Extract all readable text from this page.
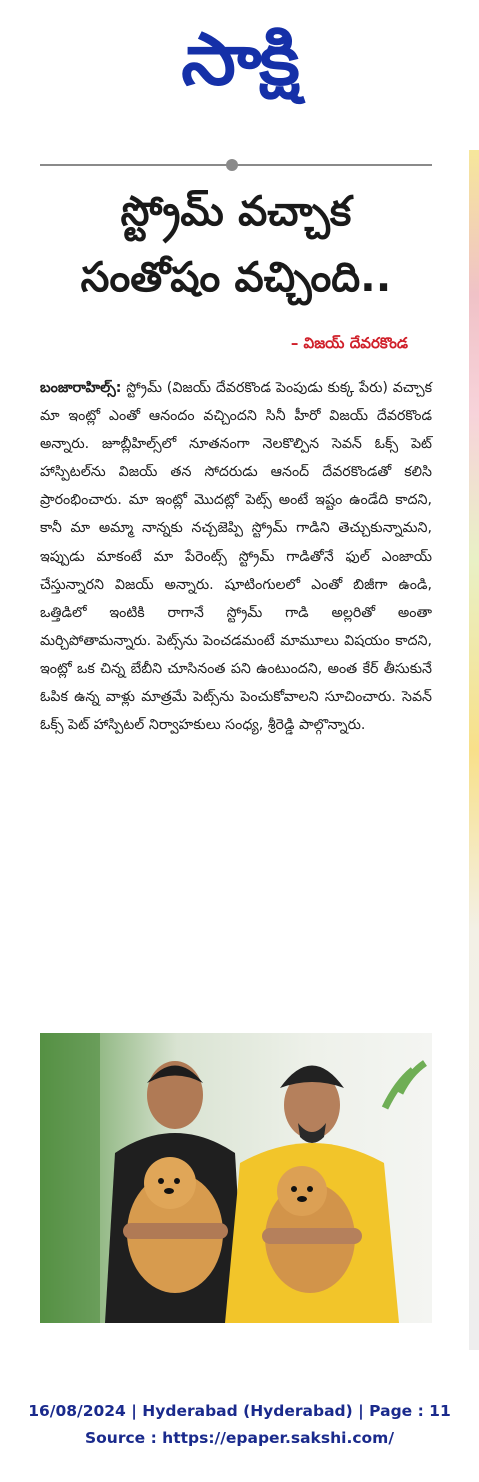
సాక్షి
స్ట్రోమ్ వచ్చాక
సంతోషం వచ్చింది..
– విజయ్ దేవరకొండ
బంజారాహిల్స్: స్ట్రోమ్ (విజయ్ దేవరకొండ పెంపుడు కుక్క పేరు) వచ్చాక మా ఇంట్లో ఎంతో ఆనందం వచ్చిందని సినీ హీరో విజయ్ దేవరకొండ అన్నారు. జూబ్లీహిల్స్‌లో నూతనంగా నెలకొల్పిన సెవన్ ఓక్స్ పెట్ హాస్పిటల్‌ను విజయ్ తన సోదరుడు ఆనంద్ దేవరకొండతో కలిసి ప్రారంభించారు. మా ఇంట్లో మొదట్లో పెట్స్ అంటే ఇష్టం ఉండేది కాదని, కానీ మా అమ్మా నాన్నకు నచ్చజెప్పి స్ట్రోమ్ గాడిని తెచ్చుకున్నామని, ఇప్పుడు మాకంటే మా పేరెంట్స్ స్ట్రోమ్ గాడితోనే ఫుల్ ఎంజాయ్ చేస్తున్నారని విజయ్ అన్నారు. షూటింగులలో ఎంతో బిజీగా ఉండి, ఒత్తిడిలో ఇంటికి రాగానే స్ట్రోమ్ గాడి అల్లరితో అంతా మర్చిపోతామన్నారు. పెట్స్‌ను పెంచడమంటే మామూలు విషయం కాదని, ఇంట్లో ఒక చిన్న బేబీని చూసినంత పని ఉంటుందని, అంత కేర్ తీసుకునే ఓపిక ఉన్న వాళ్లు మాత్రమే పెట్స్‌ను పెంచుకోవాలని సూచించారు. సెవన్ ఓక్స్ పెట్ హాస్పిటల్ నిర్వాహకులు సంధ్య, శ్రీరెడ్డి పాల్గొన్నారు.
16/08/2024 | Hyderabad (Hyderabad) | Page : 11
Source : https://epaper.sakshi.com/
